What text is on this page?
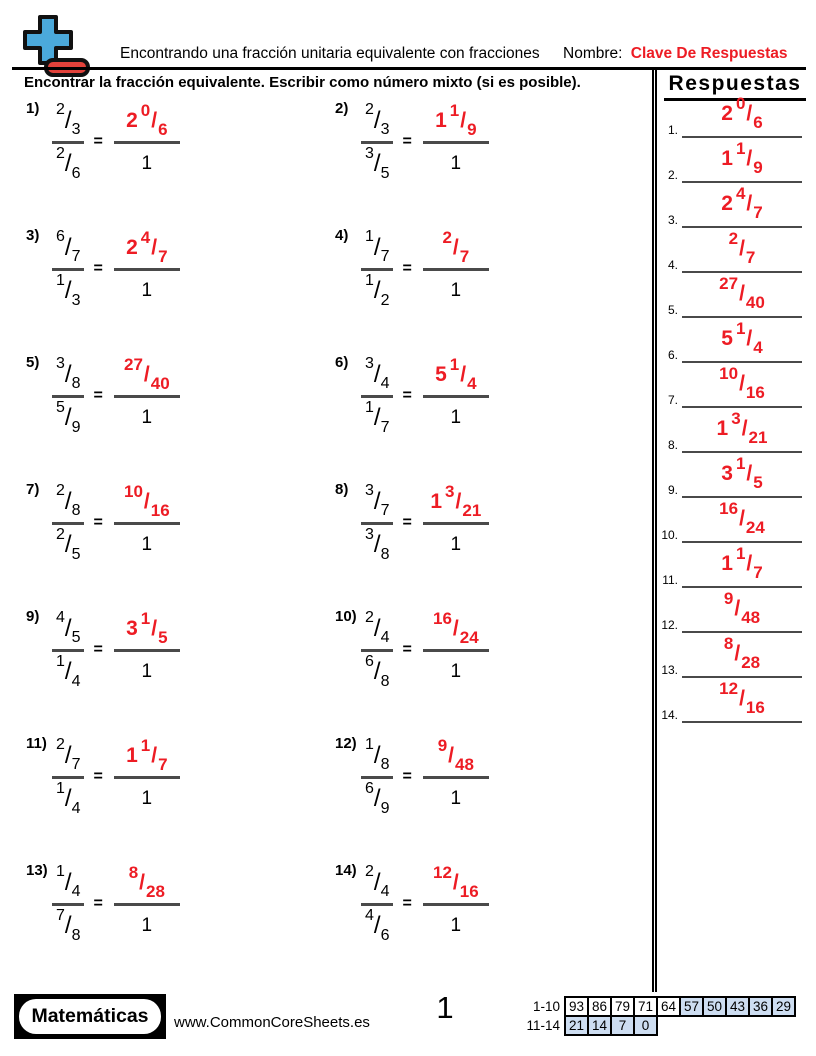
Encontrando una fracción unitaria equivalente con fracciones Nombre: Clave De Respuestas
Encontrar la fracción equivalente. Escribir como número mixto (si es posible).
1)	2 / 3
2 / 6
=
2 0 / 6
1
2)	2 / 3
3 / 5
=
1 1 / 9
1
3)	6 / 7
1 / 3
=
2 4 / 7
1
4)	1 / 7
1 / 2
=
2 / 7
1
5)	3 / 8
5 / 9
=
27 / 40
1
6)	3 / 4
1 / 7
=
5 1 / 4
1
7)	2 / 8
2 / 5
=
10 / 16
1
8)	3 / 7
3 / 8
=
1 3 / 21
1
9)	4 / 5
1 / 4
=
3 1 / 5
1
10) 2 / 4
6 / 8
=
16 / 24
1
11) 2 / 7
1 / 4
=
1 1 / 7
1
12) 1 / 8
6 / 9
=
9 / 48
1
13) 1 / 4
7 / 8
=
8 / 28
1
14) 2 / 4
4 / 6
=
12 / 16
1
Respuestas
1.
2 0 / 6
2.
1 1 / 9
3.
2 4 / 7
4.
2 / 7
5.
27 / 40
6.
5 1 / 4
7.
10 / 16
8.
1 3 / 21
9.
3 1 / 5
10.
16 / 24
11.
1 1 / 7
12.
9 / 48
13.
8 / 28
14.
12 / 16
Matemáticas	www.CommonCoreSheets.es	1	1-10 93 86 79 71 64 57 50 43 36 29
11-14 21 14 7	0
